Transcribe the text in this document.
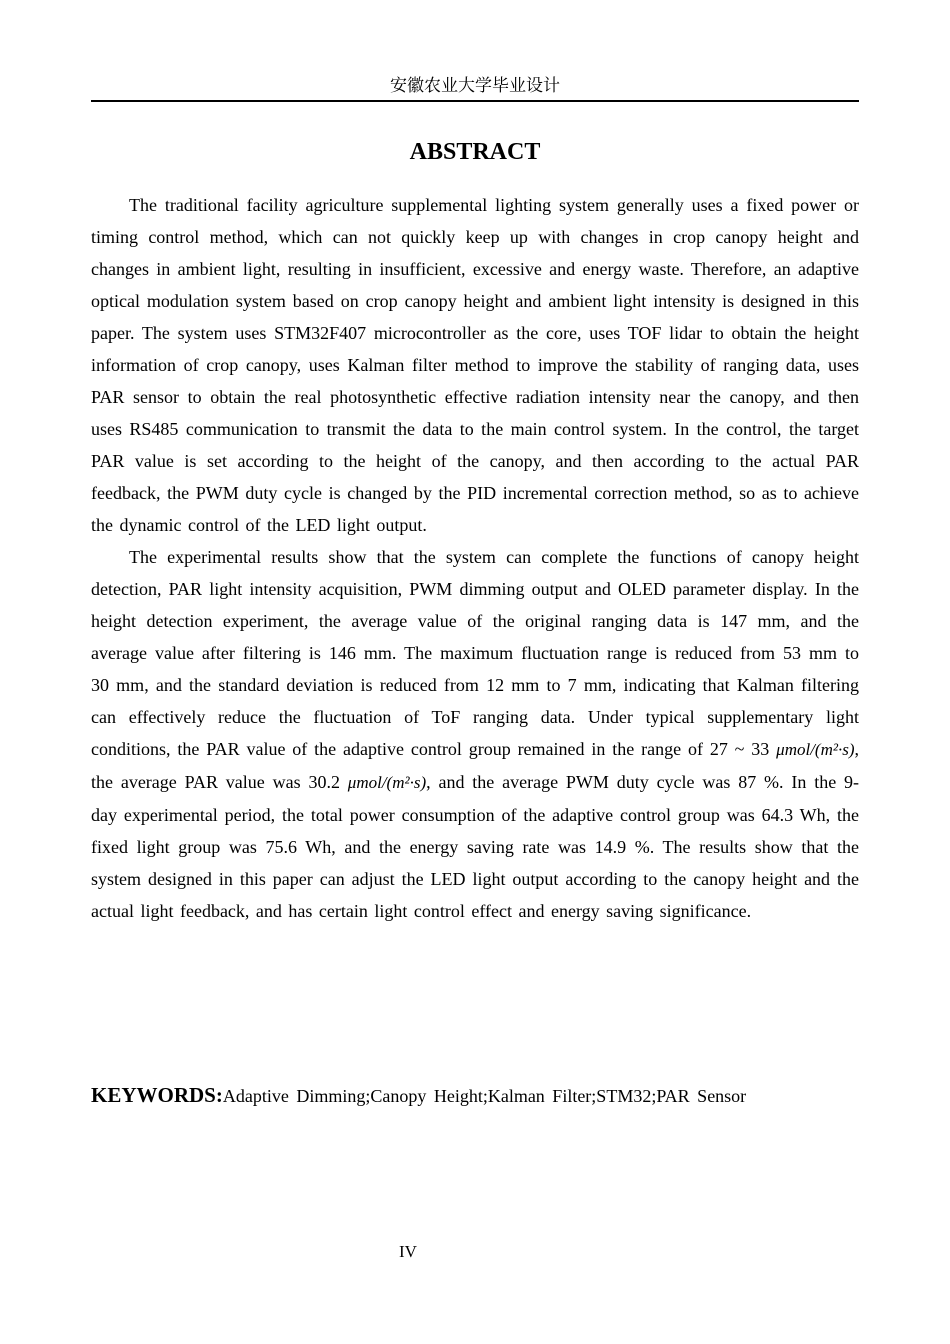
安徽农业大学毕业设计
ABSTRACT

The traditional facility agriculture supplemental lighting system generally uses a fixed power or timing control method, which can not quickly keep up with changes in crop canopy height and changes in ambient light, resulting in insufficient, excessive and energy waste. Therefore, an adaptive optical modulation system based on crop canopy height and ambient light intensity is designed in this paper. The system uses STM32F407 microcontroller as the core, uses TOF lidar to obtain the height information of crop canopy, uses Kalman filter method to improve the stability of ranging data, uses PAR sensor to obtain the real photosynthetic effective radiation intensity near the canopy, and then uses RS485 communication to transmit the data to the main control system. In the control, the target PAR value is set according to the height of the canopy, and then according to the actual PAR feedback, the PWM duty cycle is changed by the PID incremental correction method, so as to achieve the dynamic control of the LED light output.

The experimental results show that the system can complete the functions of canopy height detection, PAR light intensity acquisition, PWM dimming output and OLED parameter display. In the height detection experiment, the average value of the original ranging data is 147 mm, and the average value after filtering is 146 mm. The maximum fluctuation range is reduced from 53 mm to 30 mm, and the standard deviation is reduced from 12 mm to 7 mm, indicating that Kalman filtering can effectively reduce the fluctuation of ToF ranging data. Under typical supplementary light conditions, the PAR value of the adaptive control group remained in the range of 27 ~ 33 μmol/(m²·s), the average PAR value was 30.2 μmol/(m²·s), and the average PWM duty cycle was 87 %. In the 9-day experimental period, the total power consumption of the adaptive control group was 64.3 Wh, the fixed light group was 75.6 Wh, and the energy saving rate was 14.9 %. The results show that the system designed in this paper can adjust the LED light output according to the canopy height and the actual light feedback, and has certain light control effect and energy saving significance.

KEYWORDS:Adaptive Dimming;Canopy Height;Kalman Filter;STM32;PAR Sensor
IV
